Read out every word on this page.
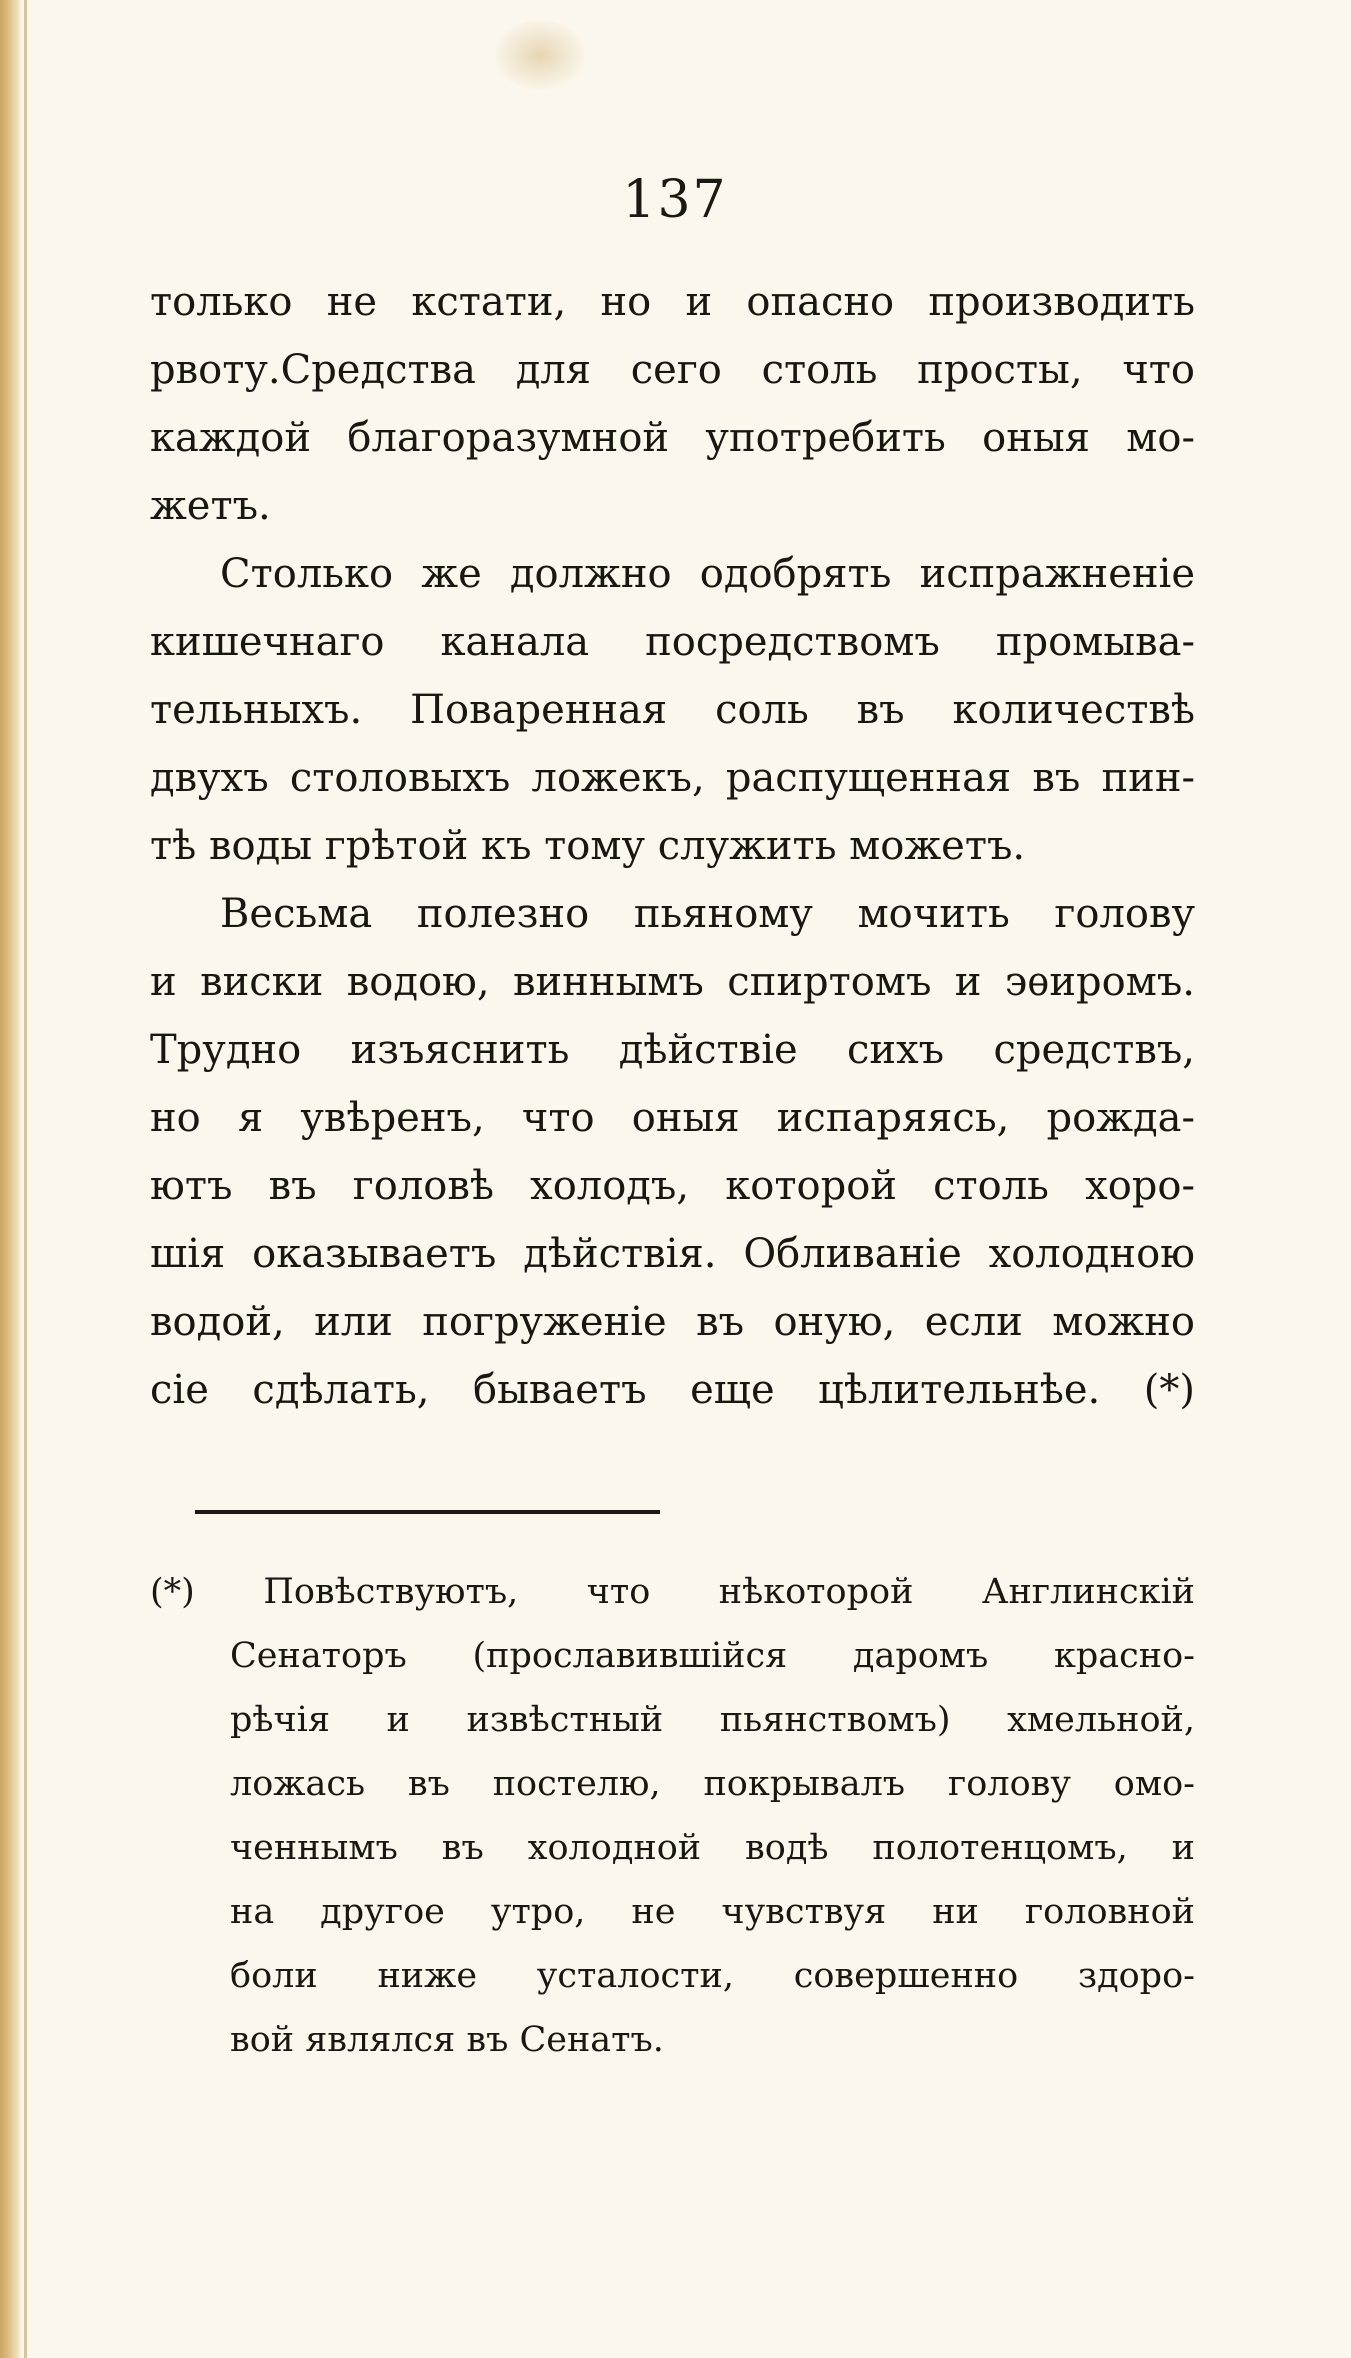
137
только не кстати, но и опасно производить
рвоту.Средства для сего столь просты, что
каждой благоразумной употребить оныя мо-
жетъ.
Столько же должно одобрять испражненіе
кишечнаго канала посредствомъ промыва-
тельныхъ. Поваренная соль въ количествѣ
двухъ столовыхъ ложекъ, распущенная въ пин-
тѣ воды грѣтой къ тому служить можетъ.
Весьма полезно пьяному мочить голову
и виски водою, виннымъ спиртомъ и эѳиромъ.
Трудно изъяснить дѣйствіе сихъ средствъ,
но я увѣренъ, что оныя испаряясь, рожда-
ютъ въ головѣ холодъ, которой столь хоро-
шія оказываетъ дѣйствія. Обливаніе холодною
водой, или погруженіе въ оную, если можно
сіе сдѣлать, бываетъ еще цѣлительнѣе. (*)
(*) Повѣствуютъ, что нѣкоторой Англинскій
Сенаторъ (прославившійся даромъ красно-
рѣчія и извѣстный пьянствомъ) хмельной,
ложась въ постелю, покрывалъ голову омо-
ченнымъ въ холодной водѣ полотенцомъ, и
на другое утро, не чувствуя ни головной
боли ниже усталости, совершенно здоро-
вой являлся въ Сенатъ.
